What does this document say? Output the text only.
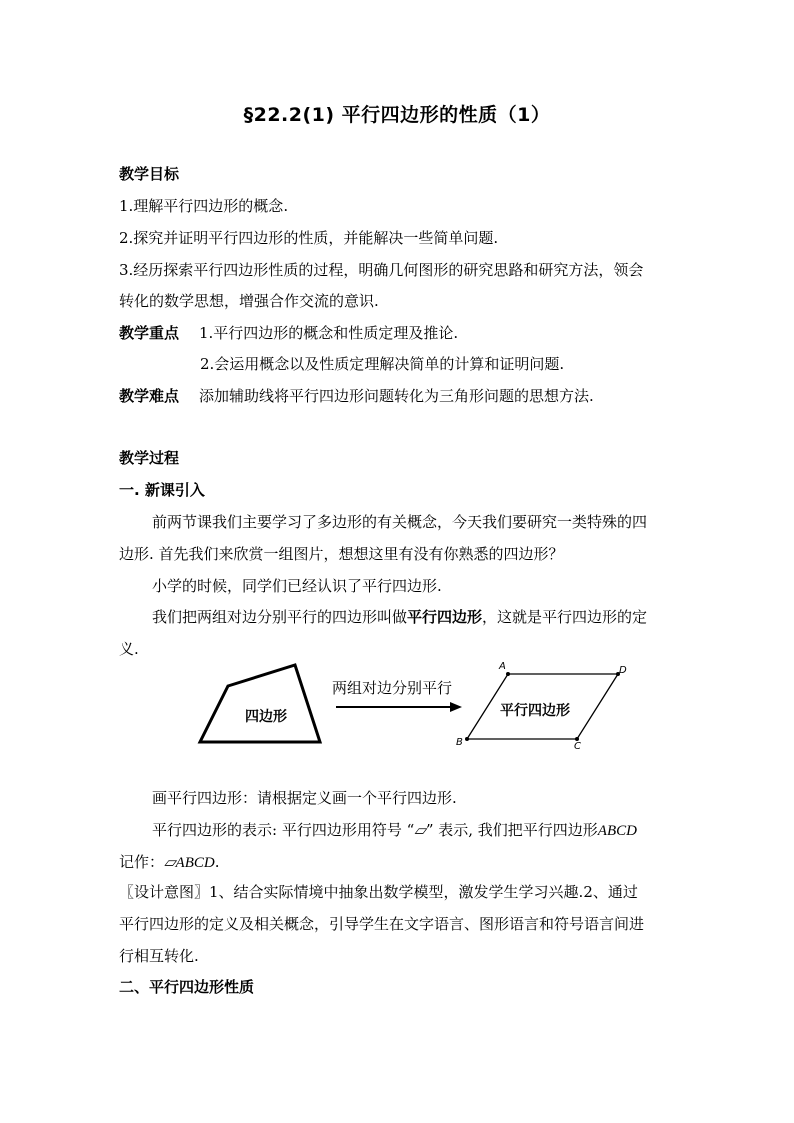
§22.2(1) 平行四边形的性质（1）
教学目标
1.理解平行四边形的概念.
2.探究并证明平行四边形的性质，并能解决一些简单问题.
3.经历探索平行四边形性质的过程，明确几何图形的研究思路和研究方法，领会
转化的数学思想，增强合作交流的意识.
教学重点 1.平行四边形的概念和性质定理及推论.
2.会运用概念以及性质定理解决简单的计算和证明问题.
教学难点 添加辅助线将平行四边形问题转化为三角形问题的思想方法.
教学过程
一. 新课引入
前两节课我们主要学习了多边形的有关概念，今天我们要研究一类特殊的四
边形. 首先我们来欣赏一组图片，想想这里有没有你熟悉的四边形？
小学的时候，同学们已经认识了平行四边形.
我们把两组对边分别平行的四边形叫做平行四边形，这就是平行四边形的定
义.
四边形
两组对边分别平行
A	D
C
B
平行四边形
画平行四边形：请根据定义画一个平行四边形.
平行四边形的表示: 平行四边形用符号 “▱” 表示, 我们把平行四边形ABCD
记作：▱ABCD.
〖设计意图〗1、结合实际情境中抽象出数学模型，激发学生学习兴趣.2、通过
平行四边形的定义及相关概念，引导学生在文字语言、图形语言和符号语言间进
行相互转化.
二、平行四边形性质
